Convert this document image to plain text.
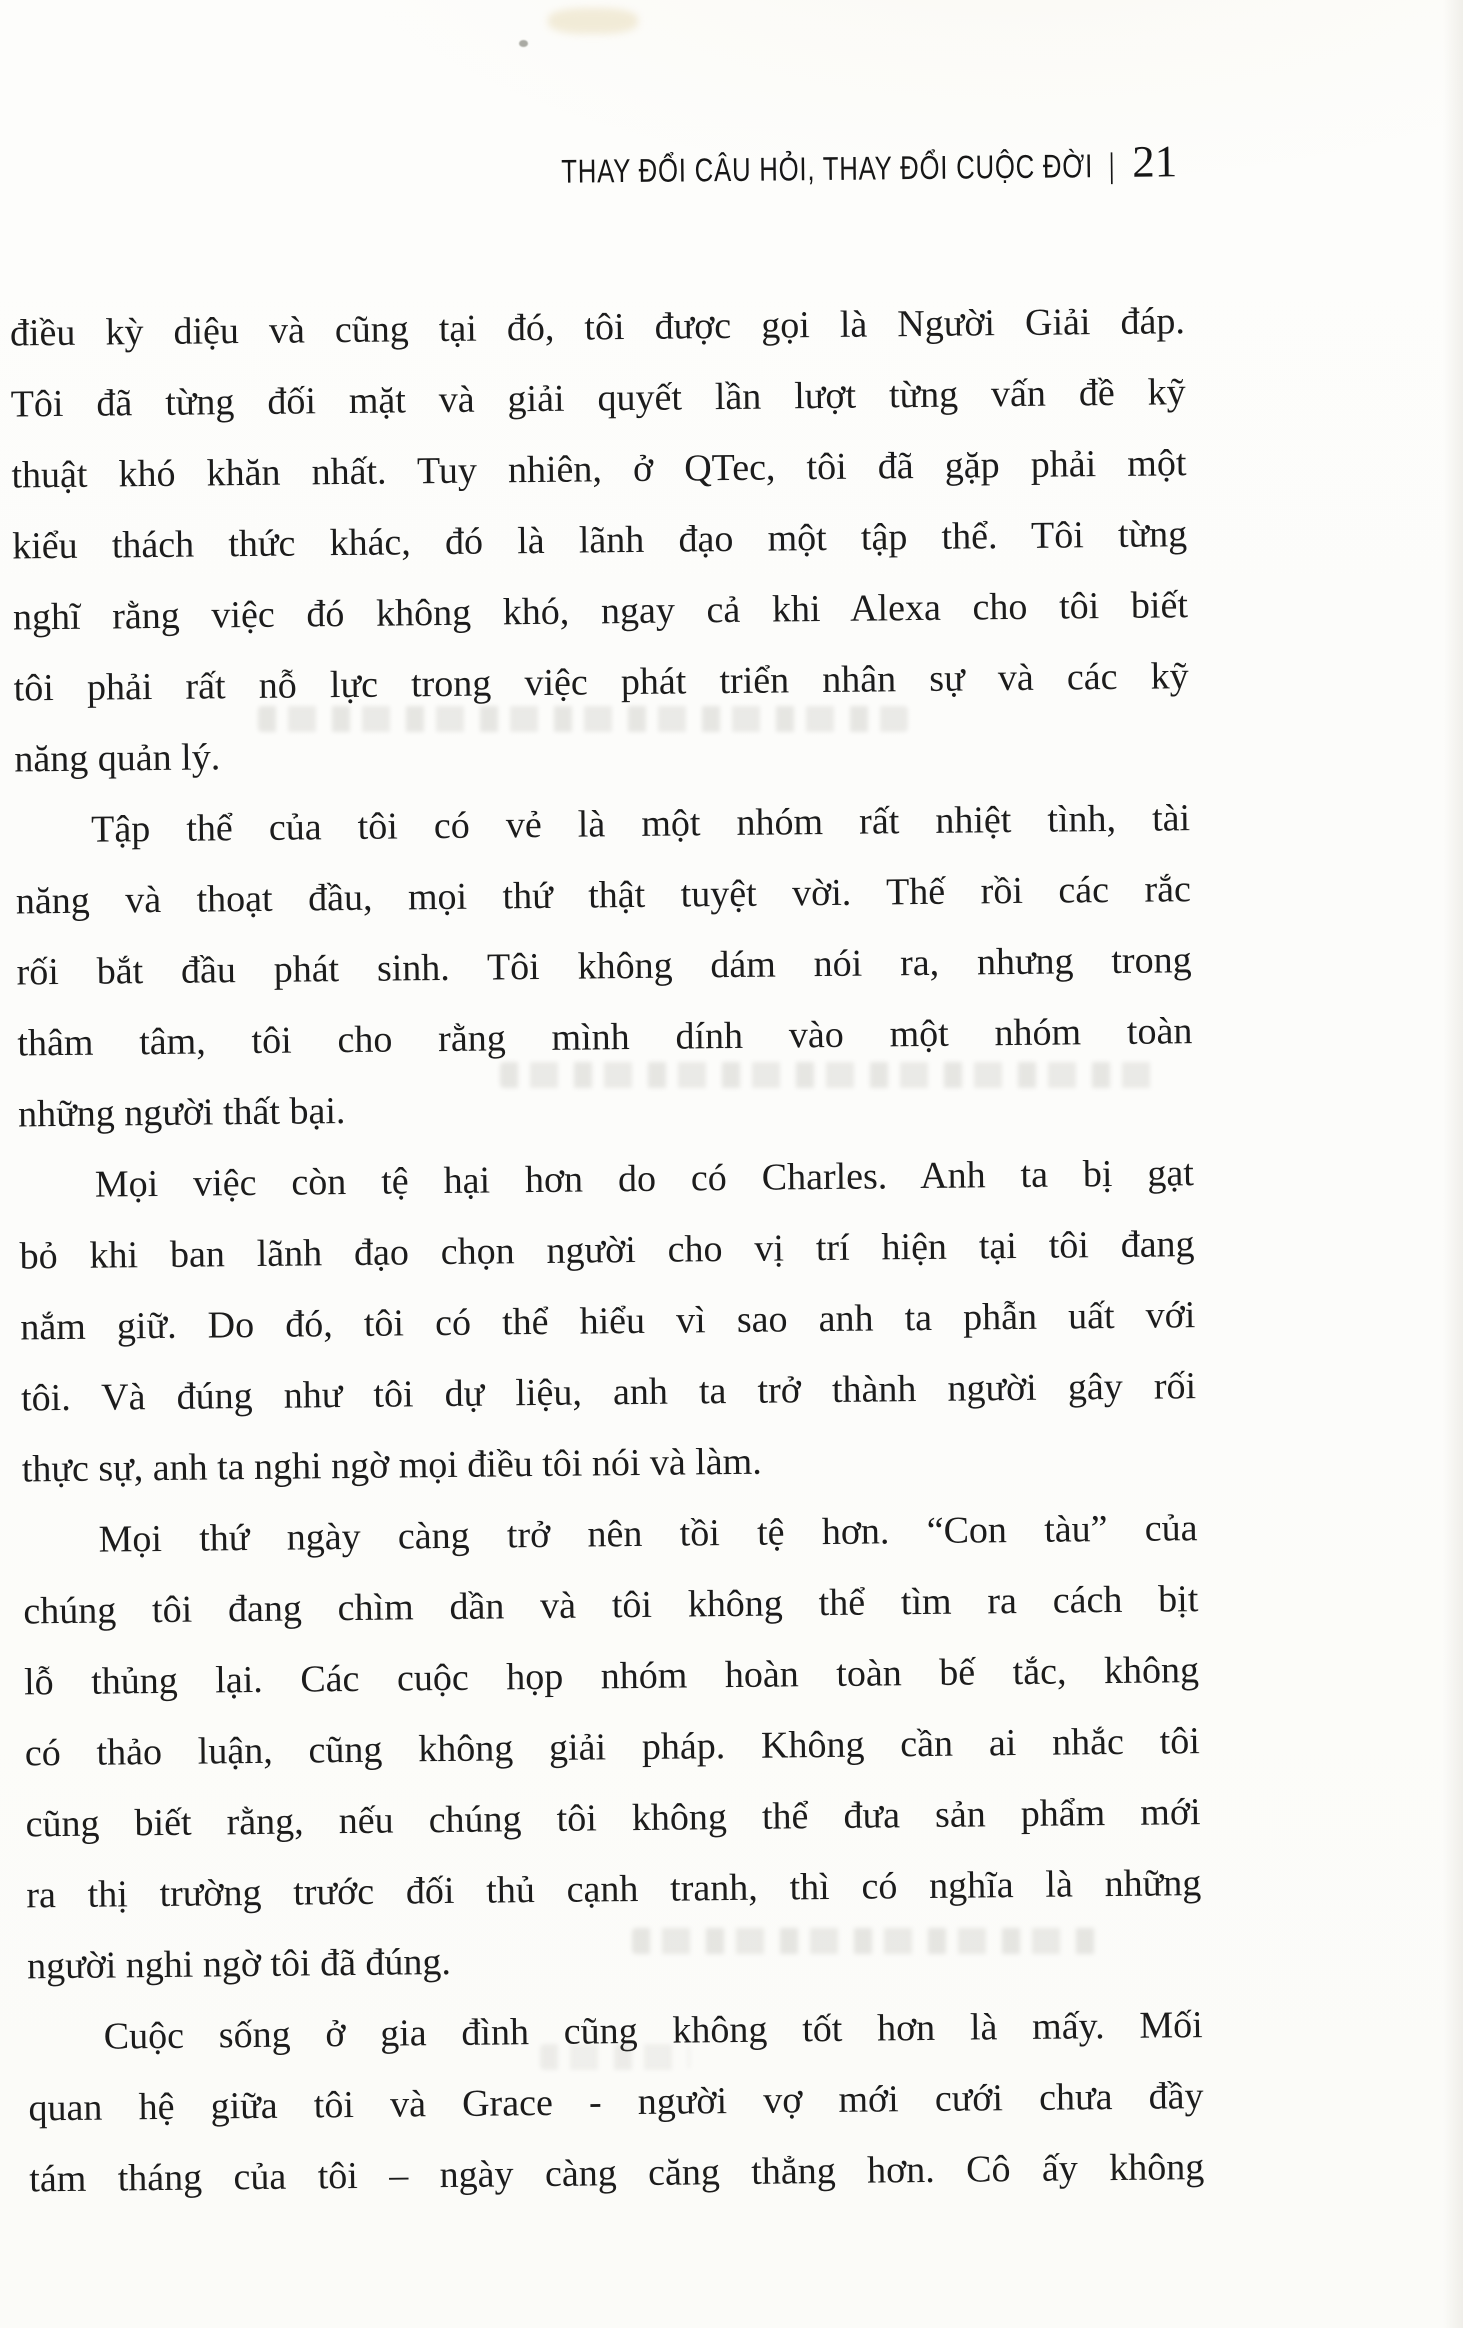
THAY ĐỔI CÂU HỎI, THAY ĐỔI CUỘC ĐỜI | 21
điều kỳ diệu và cũng tại đó, tôi được gọi là Người Giải đáp.
Tôi đã từng đối mặt và giải quyết lần lượt từng vấn đề kỹ
thuật khó khăn nhất. Tuy nhiên, ở QTec, tôi đã gặp phải một
kiểu thách thức khác, đó là lãnh đạo một tập thể. Tôi từng
nghĩ rằng việc đó không khó, ngay cả khi Alexa cho tôi biết
tôi phải rất nỗ lực trong việc phát triển nhân sự và các kỹ
năng quản lý.
Tập thể của tôi có vẻ là một nhóm rất nhiệt tình, tài
năng và thoạt đầu, mọi thứ thật tuyệt vời. Thế rồi các rắc
rối bắt đầu phát sinh. Tôi không dám nói ra, nhưng trong
thâm tâm, tôi cho rằng mình dính vào một nhóm toàn
những người thất bại.
Mọi việc còn tệ hại hơn do có Charles. Anh ta bị gạt
bỏ khi ban lãnh đạo chọn người cho vị trí hiện tại tôi đang
nắm giữ. Do đó, tôi có thể hiểu vì sao anh ta phẫn uất với
tôi. Và đúng như tôi dự liệu, anh ta trở thành người gây rối
thực sự, anh ta nghi ngờ mọi điều tôi nói và làm.
Mọi thứ ngày càng trở nên tồi tệ hơn. “Con tàu” của
chúng tôi đang chìm dần và tôi không thể tìm ra cách bịt
lỗ thủng lại. Các cuộc họp nhóm hoàn toàn bế tắc, không
có thảo luận, cũng không giải pháp. Không cần ai nhắc tôi
cũng biết rằng, nếu chúng tôi không thể đưa sản phẩm mới
ra thị trường trước đối thủ cạnh tranh, thì có nghĩa là những
người nghi ngờ tôi đã đúng.
Cuộc sống ở gia đình cũng không tốt hơn là mấy. Mối
quan hệ giữa tôi và Grace - người vợ mới cưới chưa đầy
tám tháng của tôi – ngày càng căng thẳng hơn. Cô ấy không
